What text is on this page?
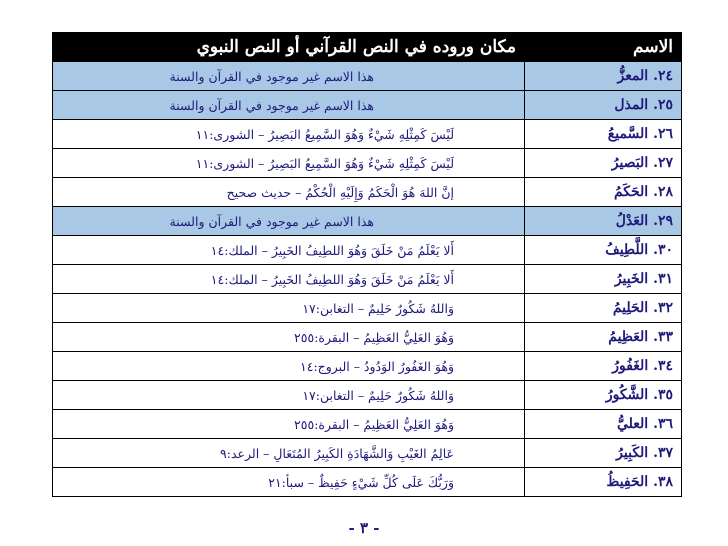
الاسم	مكان وروده في النص القرآني أو النص النبوي
٢٤. المعزُّ	هذا الاسم غير موجود في القرآن والسنة
٢٥. المذل	هذا الاسم غير موجود في القرآن والسنة
٢٦. السَّميعُ	لَيْسَ كَمِثْلِهِ شَيْءٌ وَهُوَ السَّمِيعُ البَصِيرُ – الشورى:١١
٢٧. البَصيرُ	لَيْسَ كَمِثْلِهِ شَيْءٌ وَهُوَ السَّمِيعُ البَصِيرُ – الشورى:١١
٢٨. الحَكَمُ	إنَّ اللهَ هُوَ الْحَكَمُ وَإِلَيْهِ الْحُكْمُ – حديث صحيح
٢٩. العَدْلُ	هذا الاسم غير موجود في القرآن والسنة
٣٠. اللَّطِيفُ	أَلا يَعْلَمُ مَنْ خَلَقَ وَهُوَ اللطِيفُ الخَبِيرُ – الملك:١٤
٣١. الخَبِيرُ	أَلا يَعْلَمُ مَنْ خَلَقَ وَهُوَ اللطِيفُ الخَبِيرُ – الملك:١٤
٣٢. الحَلِيمُ	وَاللهُ شَكُورٌ حَلِيمٌ – التغابن:١٧
٣٣. العَظِيمُ	وَهُوَ العَلِيُّ العَظِيمُ – البقرة:٢٥٥
٣٤. الغَفُورُ	وَهُوَ الغَفُورُ الوَدُودُ – البروج:١٤
٣٥. الشَّكُورُ	وَاللهُ شَكُورٌ حَلِيمٌ – التغابن:١٧
٣٦. العليُّ	وَهُوَ العَلِيُّ العَظِيمُ – البقرة:٢٥٥
٣٧. الكَبِيرُ	عَالِمُ الغَيْبِ وَالشَّهَادَةِ الكَبِيرُ المُتَعَالِ – الرعد:٩
٣٨. الحَفِيظُ	وَرَبُّكَ عَلَى كُلِّ شَيْءٍ حَفِيظٌ – سبأ:٢١
- ٣ -
